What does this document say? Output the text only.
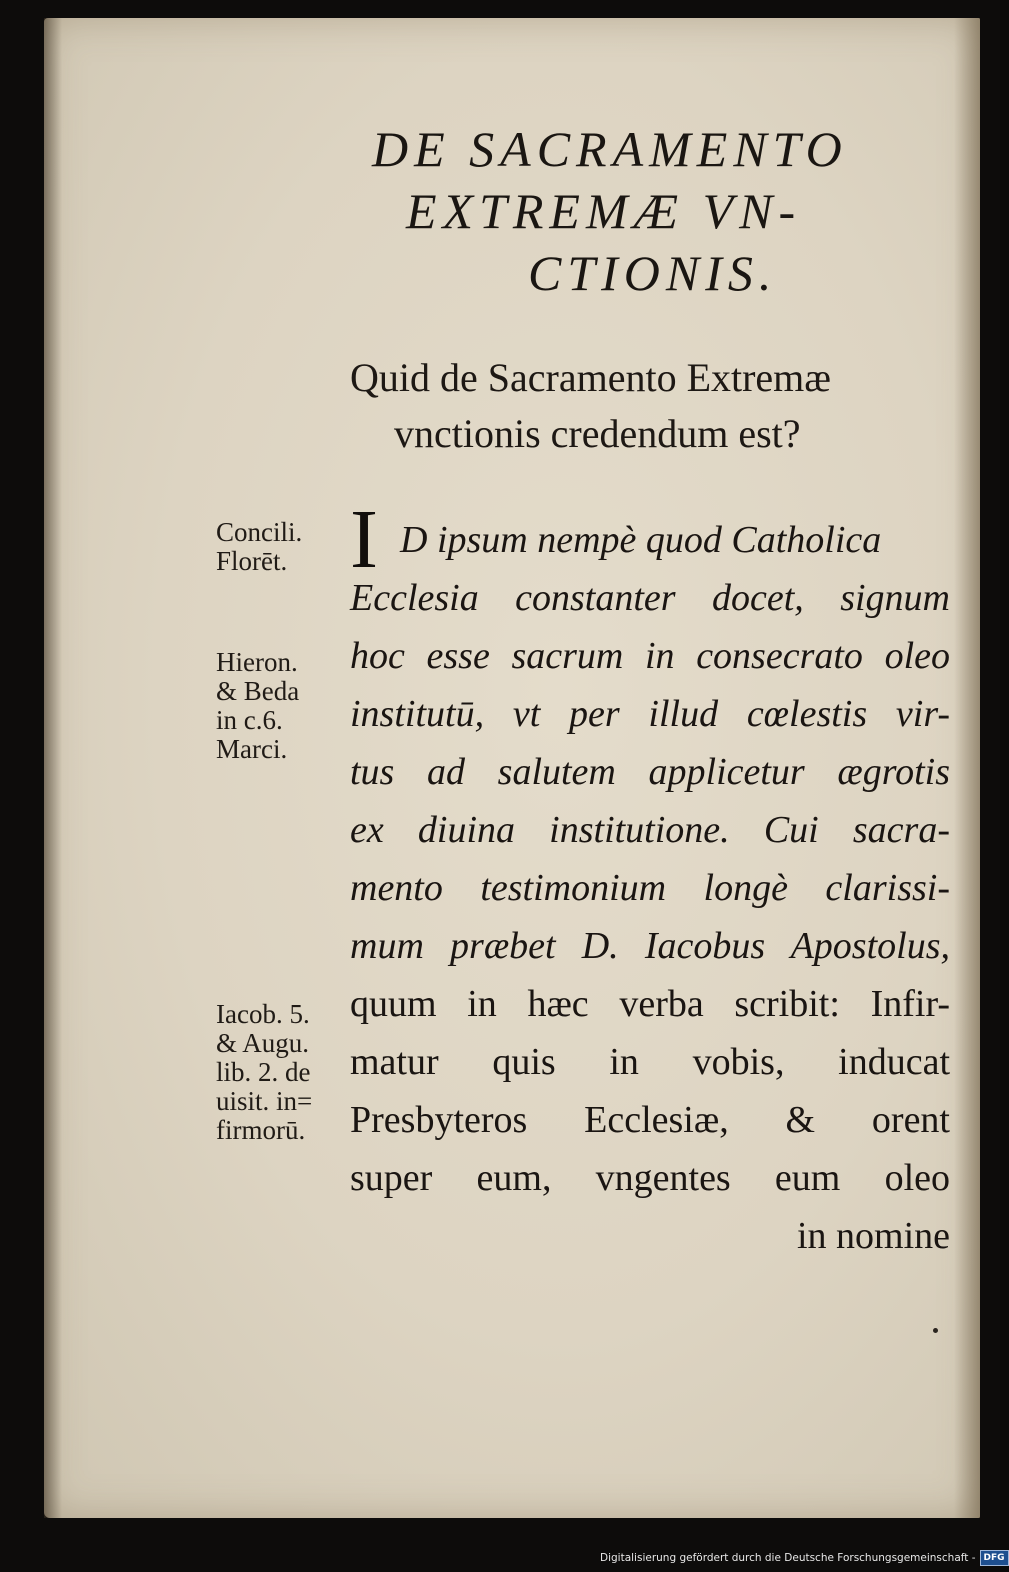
DE SACRAMENTO
EXTREMÆ VN-
CTIONIS.
Quid de Sacramento Extremæ
vnctionis credendum est?
Concili.
Florēt.
Hieron.
& Beda
in c.6.
Marci.
Iacob. 5.
& Augu.
lib. 2. de
uisit. in=
firmorū.
I D ipsum nempè quod Catholica
Ecclesia constanter docet, signum
hoc esse sacrum in consecrato oleo
institutū, vt per illud cœlestis vir-
tus ad salutem applicetur ægrotis
ex diuina institutione. Cui sacra-
mento testimonium longè clarissi-
mum præbet D. Iacobus Apostolus,
quum in hæc verba scribit: Infir-
matur quis in vobis, inducat
Presbyteros Ecclesiæ, & orent
super eum, vngentes eum oleo
in nomine
Digitalisierung gefördert durch die Deutsche Forschungsgemeinschaft - DFG
